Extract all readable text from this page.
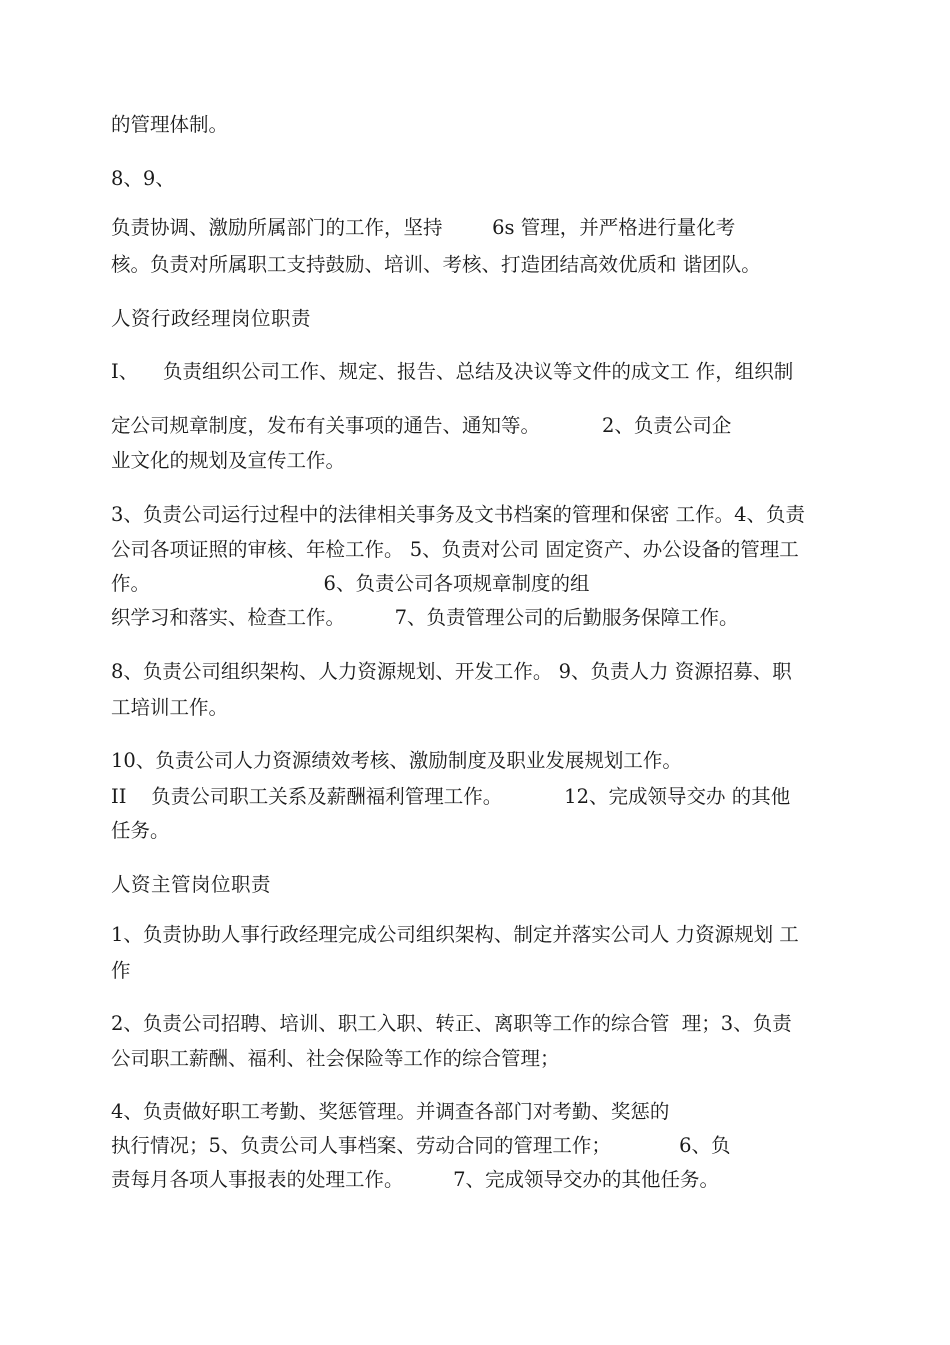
的管理体制。
8、9、
负责协调、激励所属部门的工作，坚持        6s 管理，并严格进行量化考
核。负责对所属职工支持鼓励、培训、考核、打造团结高效优质和 谐团队。
人资行政经理岗位职责
I、    负责组织公司工作、规定、报告、总结及决议等文件的成文工 作，组织制
定公司规章制度，发布有关事项的通告、通知等。          2、负责公司企
业文化的规划及宣传工作。
3、负责公司运行过程中的法律相关事务及文书档案的管理和保密 工作。4、负责
公司各项证照的审核、年检工作。 5、负责对公司 固定资产、办公设备的管理工
作。                            6、负责公司各项规章制度的组
织学习和落实、检查工作。        7、负责管理公司的后勤服务保障工作。
8、负责公司组织架构、人力资源规划、开发工作。 9、负责人力 资源招募、职
工培训工作。
10、负责公司人力资源绩效考核、激励制度及职业发展规划工作。
II    负责公司职工关系及薪酬福利管理工作。          12、完成领导交办 的其他
任务。
人资主管岗位职责
1、负责协助人事行政经理完成公司组织架构、制定并落实公司人 力资源规划 工
作
2、负责公司招聘、培训、职工入职、转正、离职等工作的综合管  理；3、负责
公司职工薪酬、福利、社会保险等工作的综合管理；
4、负责做好职工考勤、奖惩管理。并调查各部门对考勤、奖惩的
执行情况；5、负责公司人事档案、劳动合同的管理工作；           6、负
责每月各项人事报表的处理工作。        7、完成领导交办的其他任务。
